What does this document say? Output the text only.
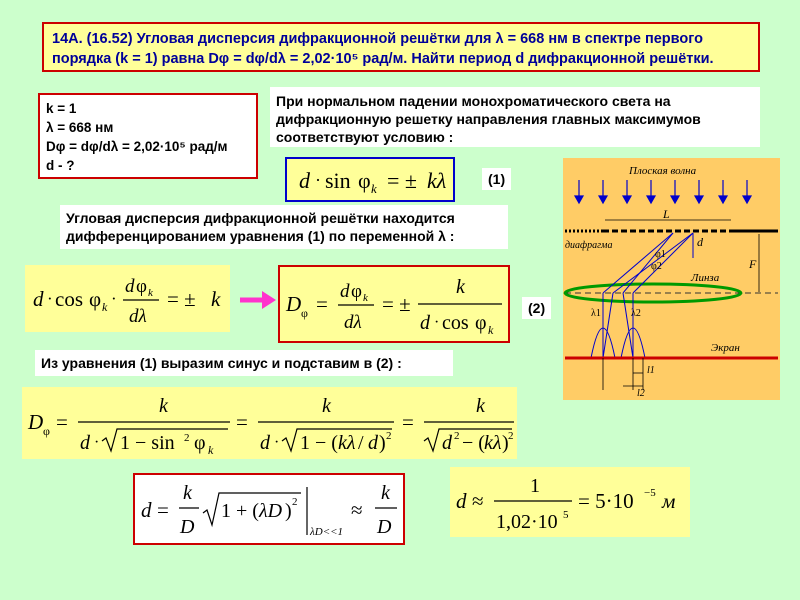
14А. (16.52) Угловая дисперсия дифракционной решётки для λ = 668 нм в спектре первого порядка (k = 1) равна Dφ = dφ/dλ = 2,02·10⁵ рад/м. Найти период d дифракционной решётки.
k = 1
λ = 668 нм
Dφ = dφ/dλ = 2,02·10⁵ рад/м
d - ?
При нормальном падении монохроматического света на дифракционную решетку направления главных максимумов соответствуют условию :
d · sin φ k = ± kλ	(1)
Угловая дисперсия дифракционной решётки находится дифференцированием уравнения (1) по переменной λ :
d · cos φ k ·
d φ k
dλ
= ± k	D φ =
d φ k
dλ
= ±
k
d · cos φ k
(2)
Из уравнения (1) выразим синус и подставим в (2) :
D φ =
k
d · 1 − sin 2 φ k
=
k
d · 1 − ( kλ / d ) 2
=
k
d 2 − ( kλ ) 2
d =
k
D
1 + ( λD ) 2
λD<<1
≈
k
D
d ≈
1
1,02·10 5
= 5·10 −5 м
Плоская волна
диафрагма
L
d
F
Линза
φ1
φ2
λ1	λ2
Экран
l1
l2
